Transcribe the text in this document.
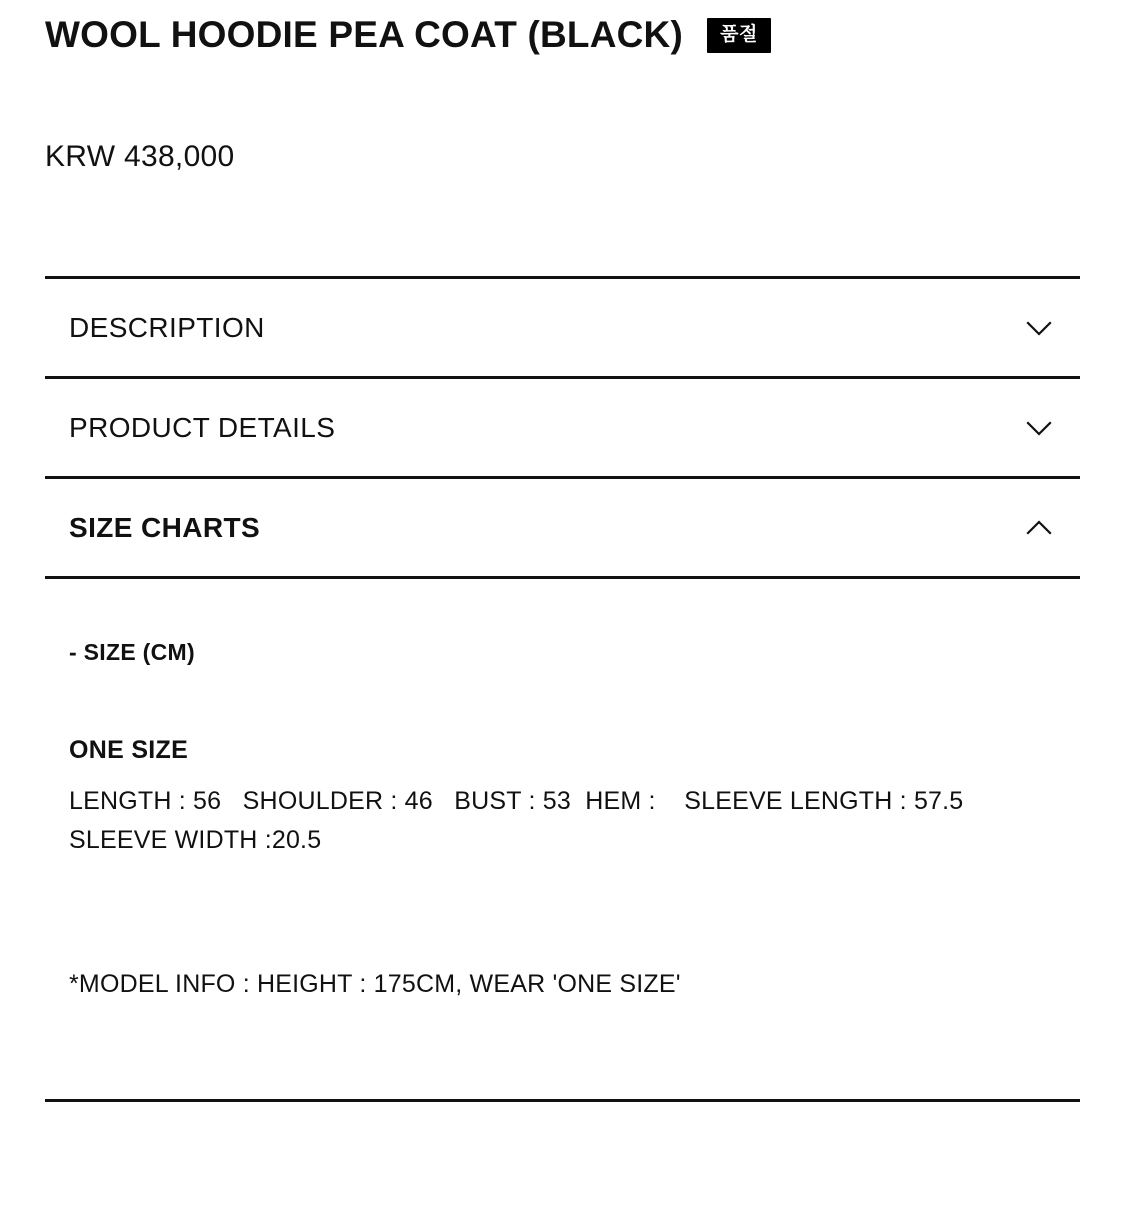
WOOL HOODIE PEA COAT (BLACK)	품절
KRW 438,000
DESCRIPTION
PRODUCT DETAILS
SIZE CHARTS
- SIZE (CM)
ONE SIZE
LENGTH : 56   SHOULDER : 46   BUST : 53  HEM :    SLEEVE LENGTH : 57.5   SLEEVE WIDTH :20.5
*MODEL INFO : HEIGHT : 175CM, WEAR 'ONE SIZE'
